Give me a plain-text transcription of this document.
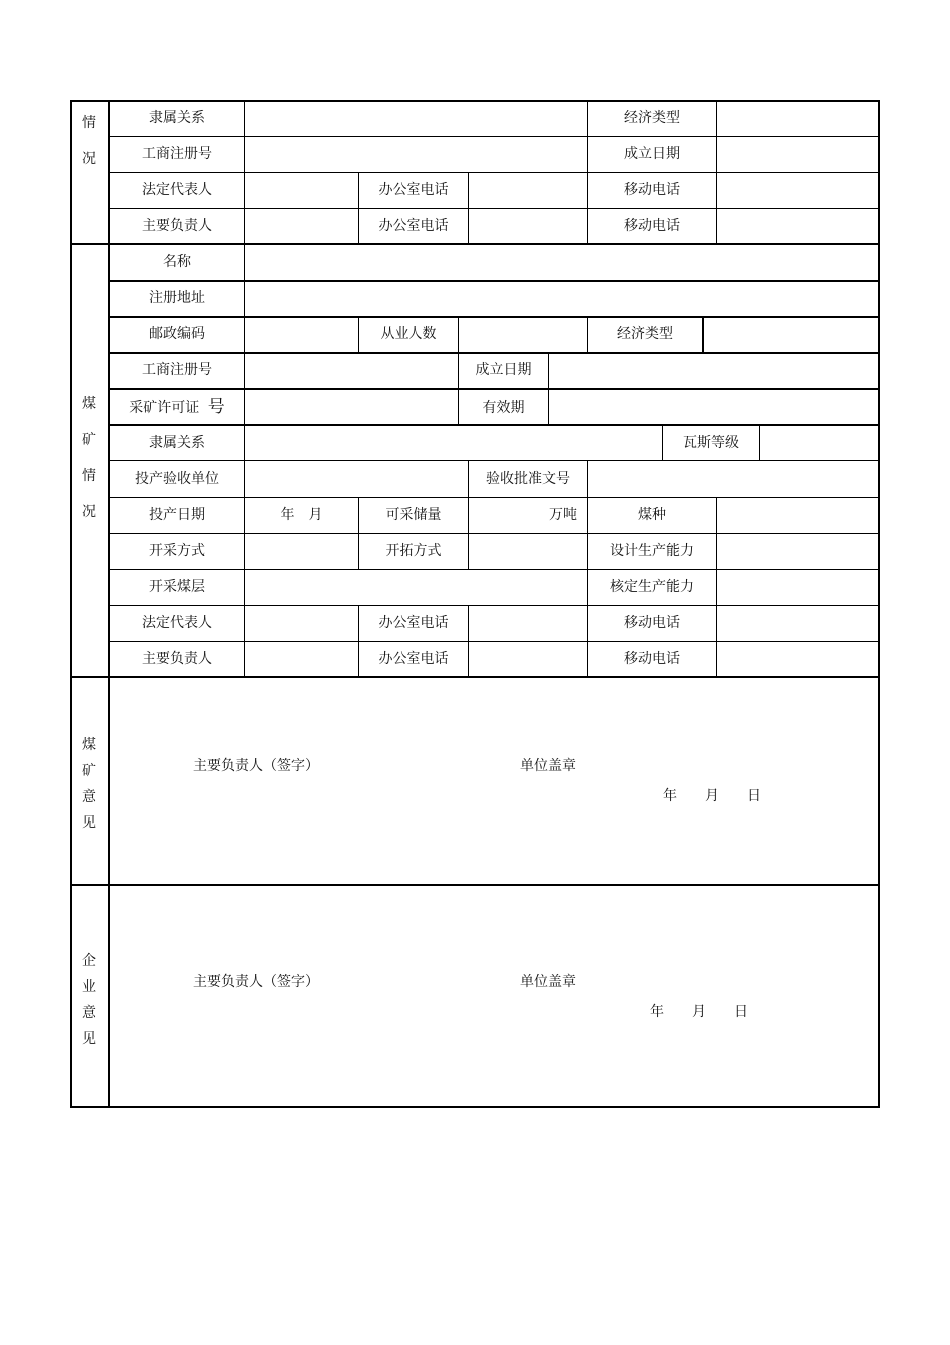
情
况
煤
矿
情
况
煤
矿
意
见
企
业
意
见
隶属关系	经济类型
工商注册号	成立日期
法定代表人	办公室电话	移动电话
主要负责人	办公室电话	移动电话
名称
注册地址
邮政编码	从业人数	经济类型
工商注册号	成立日期
采矿许可证 号	有效期
隶属关系	瓦斯等级
投产验收单位	验收批准文号
投产日期	年　月	可采储量	万吨	煤种
开采方式	开拓方式	设计生产能力
开采煤层	核定生产能力
法定代表人	办公室电话	移动电话
主要负责人	办公室电话	移动电话
主要负责人（签字）	单位盖章
年 月 日
主要负责人（签字）	单位盖章
年 月 日
